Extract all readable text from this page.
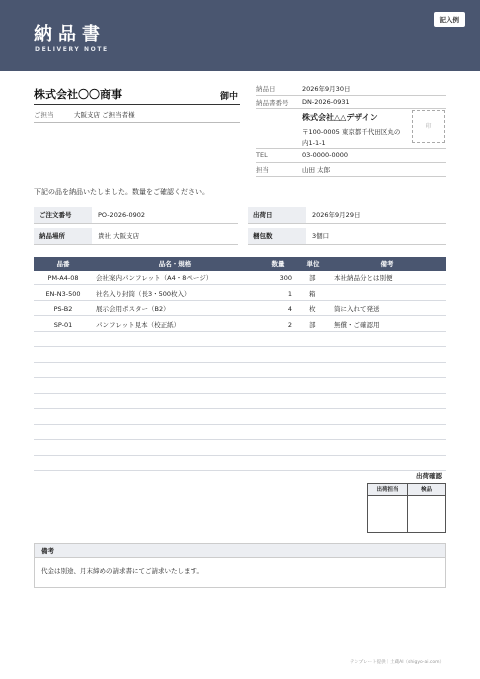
納品書
DELIVERY NOTE
記入例
株式会社〇〇商事	御中
ご担当	大阪支店 ご担当者様
納品日	2026年9月30日
納品書番号 DN-2026-0931
株式会社△△デザイン
〒100-0005 東京都千代田区丸の内1-1-1
印
TEL	03-0000-0000
担当	山田 太郎
下記の品を納品いたしました。数量をご確認ください。
ご注文番号	PO-2026-0902	出荷日	2026年9月29日
納品場所	貴社 大阪支店	梱包数	3個口
品番	品名・規格	数量	単位	備考
PM-A4-08	会社案内パンフレット（A4・8ページ）	300	部	本社納品分とは別便
EN-N3-500	社名入り封筒（長3・500枚入）	1	箱
PS-B2	展示会用ポスター（B2）	4	枚	筒に入れて発送
SP-01	パンフレット見本（校正紙）	2	部	無償・ご確認用
出荷確認
出荷担当	検品
備考
代金は別途、月末締めの請求書にてご請求いたします。
テンプレート提供｜土蔵AI（shigyo-ai.com）
